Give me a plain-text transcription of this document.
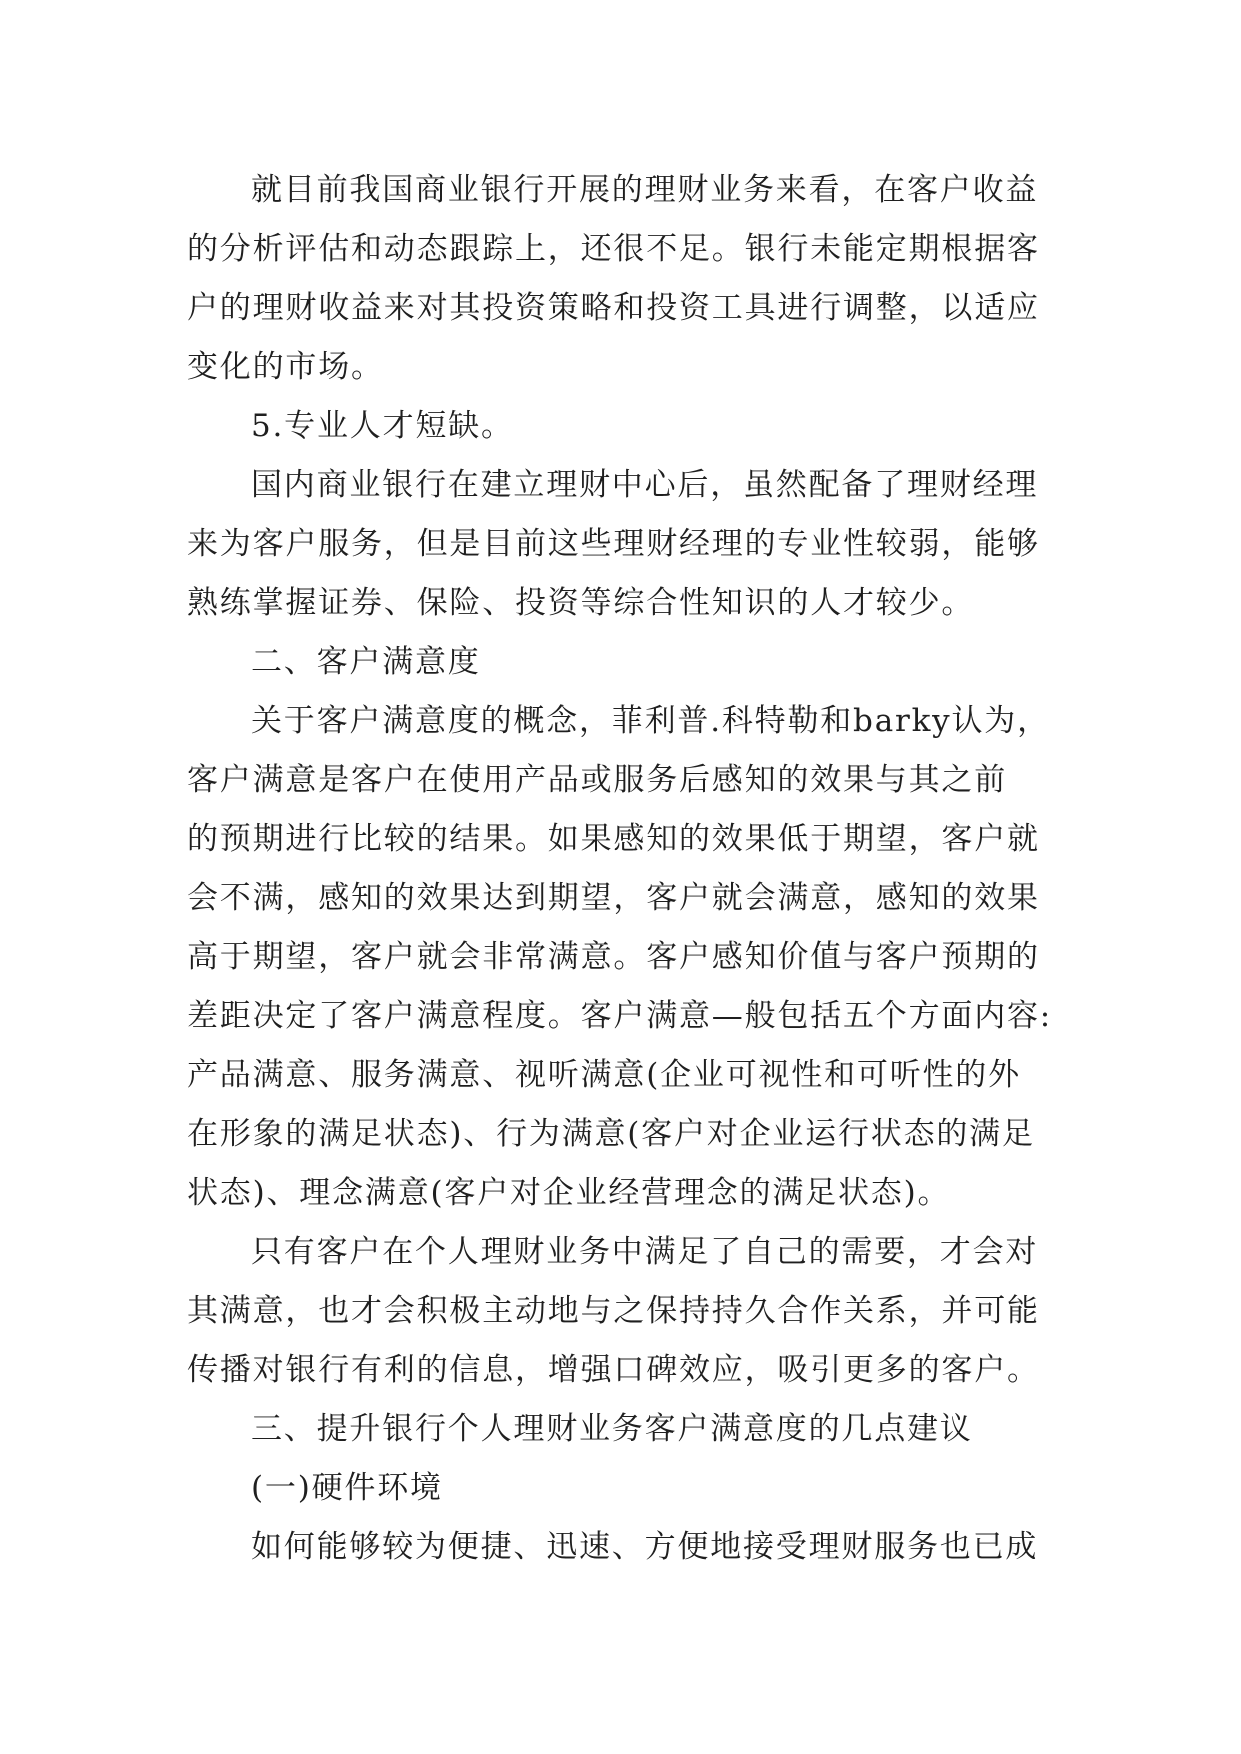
就目前我国商业银行开展的理财业务来看，在客户收益
的分析评估和动态跟踪上，还很不足。银行未能定期根据客
户的理财收益来对其投资策略和投资工具进行调整，以适应
变化的市场。
5.专业人才短缺。
国内商业银行在建立理财中心后，虽然配备了理财经理
来为客户服务，但是目前这些理财经理的专业性较弱，能够
熟练掌握证券、保险、投资等综合性知识的人才较少。
二、客户满意度
关于客户满意度的概念，菲利普.科特勒和barky认为，
客户满意是客户在使用产品或服务后感知的效果与其之前
的预期进行比较的结果。如果感知的效果低于期望，客户就
会不满，感知的效果达到期望，客户就会满意，感知的效果
高于期望，客户就会非常满意。客户感知价值与客户预期的
差距决定了客户满意程度。客户满意—般包括五个方面内容:
产品满意、服务满意、视听满意(企业可视性和可听性的外
在形象的满足状态)、行为满意(客户对企业运行状态的满足
状态)、理念满意(客户对企业经营理念的满足状态)。
只有客户在个人理财业务中满足了自己的需要，才会对
其满意，也才会积极主动地与之保持持久合作关系，并可能
传播对银行有利的信息，增强口碑效应，吸引更多的客户。
三、提升银行个人理财业务客户满意度的几点建议
(一)硬件环境
如何能够较为便捷、迅速、方便地接受理财服务也已成
